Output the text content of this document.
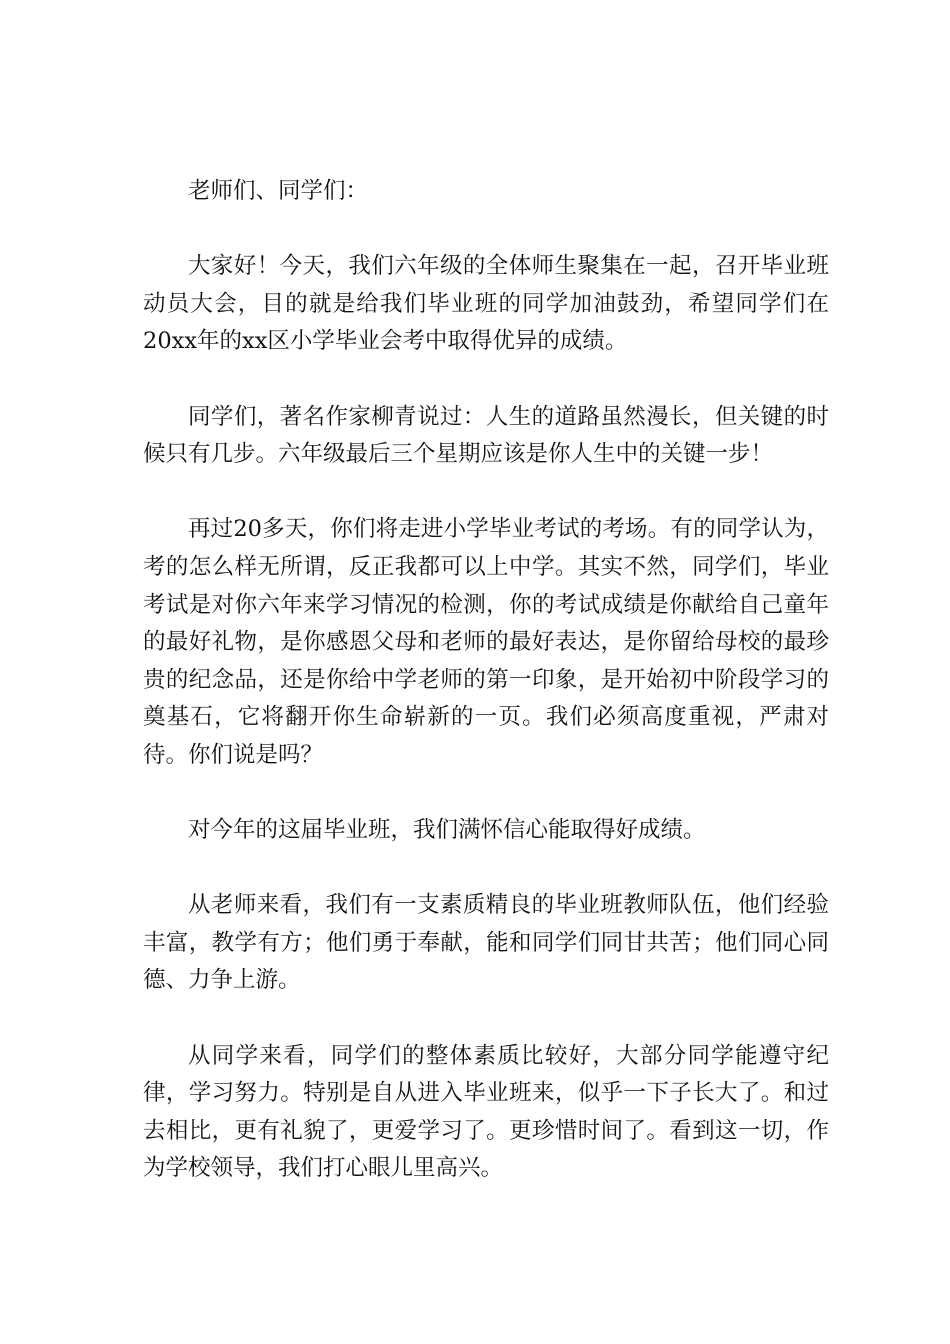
老师们、同学们：

大家好！今天，我们六年级的全体师生聚集在一起，召开毕业班动员大会，目的就是给我们毕业班的同学加油鼓劲，希望同学们在20xx年的xx区小学毕业会考中取得优异的成绩。

同学们，著名作家柳青说过：人生的道路虽然漫长，但关键的时候只有几步。六年级最后三个星期应该是你人生中的关键一步！

再过20多天，你们将走进小学毕业考试的考场。有的同学认为，考的怎么样无所谓，反正我都可以上中学。其实不然，同学们，毕业考试是对你六年来学习情况的检测，你的考试成绩是你献给自己童年的最好礼物，是你感恩父母和老师的最好表达，是你留给母校的最珍贵的纪念品，还是你给中学老师的第一印象，是开始初中阶段学习的奠基石，它将翻开你生命崭新的一页。我们必须高度重视，严肃对待。你们说是吗？

对今年的这届毕业班，我们满怀信心能取得好成绩。

从老师来看，我们有一支素质精良的毕业班教师队伍，他们经验丰富，教学有方；他们勇于奉献，能和同学们同甘共苦；他们同心同德、力争上游。

从同学来看，同学们的整体素质比较好，大部分同学能遵守纪律，学习努力。特别是自从进入毕业班来，似乎一下子长大了。和过去相比，更有礼貌了，更爱学习了。更珍惜时间了。看到这一切，作为学校领导，我们打心眼儿里高兴。
